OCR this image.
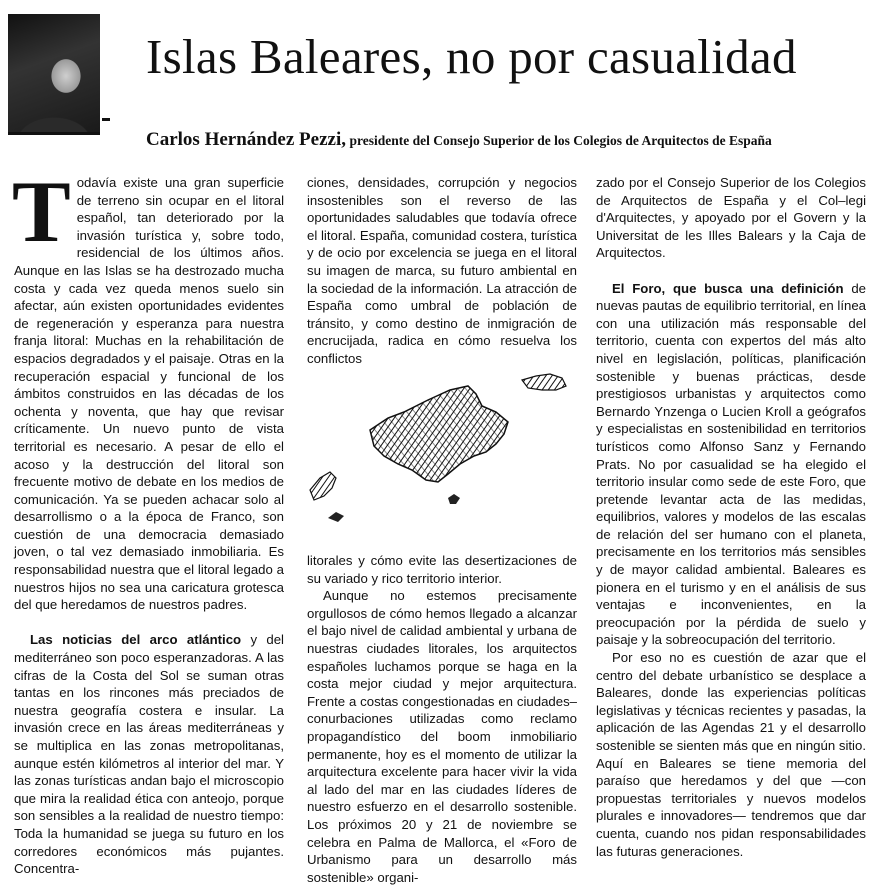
Islas Baleares, no por casualidad
Carlos Hernández Pezzi, presidente del Consejo Superior de los Colegios de Arquitectos de España
T odavía existe una gran superficie de terreno sin ocupar en el litoral español, tan deteriorado por la invasión turística y, sobre todo, residencial de los últimos años. Aunque en las Islas se ha destrozado mucha costa y cada vez queda menos suelo sin afectar, aún existen oportunidades evidentes de regeneración y esperanza para nuestra franja litoral: Muchas en la rehabilitación de espacios degradados y el paisaje. Otras en la recuperación espacial y funcional de los ámbitos construidos en las décadas de los ochenta y noventa, que hay que revisar críticamente. Un nuevo punto de vista territorial es necesario. A pesar de ello el acoso y la destrucción del litoral son frecuente motivo de debate en los medios de comunicación. Ya se pueden achacar solo al desarrollismo o a la época de Franco, son cuestión de una democracia demasiado joven, o tal vez demasiado inmobiliaria. Es responsabilidad nuestra que el litoral legado a nuestros hijos no sea una caricatura grotesca del que heredamos de nuestros padres.

Las noticias del arco atlántico y del mediterráneo son poco esperanzadoras. A las cifras de la Costa del Sol se suman otras tantas en los rincones más preciados de nuestra geografía costera e insular. La invasión crece en las áreas mediterráneas y se multiplica en las zonas metropolitanas, aunque estén kilómetros al interior del mar. Y las zonas turísticas andan bajo el microscopio que mira la realidad ética con anteojo, porque son sensibles a la realidad de nuestro tiempo: Toda la humanidad se juega su futuro en los corredores económicos más pujantes. Concentra-

ciones, densidades, corrupción y negocios insostenibles son el reverso de las oportunidades saludables que todavía ofrece el litoral. España, comunidad costera, turística y de ocio por excelencia se juega en el litoral su imagen de marca, su futuro ambiental en la sociedad de la información. La atracción de España como umbral de población de tránsito, y como destino de inmigración de encrucijada, radica en cómo resuelva los conflictos

litorales y cómo evite las desertizaciones de su variado y rico territorio interior.

Aunque no estemos precisamente orgullosos de cómo hemos llegado a alcanzar el bajo nivel de calidad ambiental y urbana de nuestras ciudades litorales, los arquitectos españoles luchamos porque se haga en la costa mejor ciudad y mejor arquitectura. Frente a costas congestionadas en ciudades–conurbaciones utilizadas como reclamo propagandístico del boom inmobiliario permanente, hoy es el momento de utilizar la arquitectura excelente para hacer vivir la vida al lado del mar en las ciudades líderes de nuestro esfuerzo en el desarrollo sostenible. Los próximos 20 y 21 de noviembre se celebra en Palma de Mallorca, el «Foro de Urbanismo para un desarrollo más sostenible» organi-

zado por el Consejo Superior de los Colegios de Arquitectos de España y el Col–legi d'Arquitectes, y apoyado por el Govern y la Universitat de les Illes Balears y la Caja de Arquitectos.

El Foro, que busca una definición de nuevas pautas de equilibrio territorial, en línea con una utilización más responsable del territorio, cuenta con expertos del más alto nivel en legislación, políticas, planificación sostenible y buenas prácticas, desde prestigiosos urbanistas y arquitectos como Bernardo Ynzenga o Lucien Kroll a geógrafos y especialistas en sostenibilidad en territorios turísticos como Alfonso Sanz y Fernando Prats. No por casualidad se ha elegido el territorio insular como sede de este Foro, que pretende levantar acta de las medidas, equilibrios, valores y modelos de las escalas de relación del ser humano con el planeta, precisamente en los territorios más sensibles y de mayor calidad ambiental. Baleares es pionera en el turismo y en el análisis de sus ventajas e inconvenientes, en la preocupación por la pérdida de suelo y paisaje y la sobreocupación del territorio.

Por eso no es cuestión de azar que el centro del debate urbanístico se desplace a Baleares, donde las experiencias políticas legislativas y técnicas recientes y pasadas, la aplicación de las Agendas 21 y el desarrollo sostenible se sienten más que en ningún sitio. Aquí en Baleares se tiene memoria del paraíso que heredamos y del que —con propuestas territoriales y nuevos modelos plurales e innovadores— tendremos que dar cuenta, cuando nos pidan responsabilidades las futuras generaciones.
